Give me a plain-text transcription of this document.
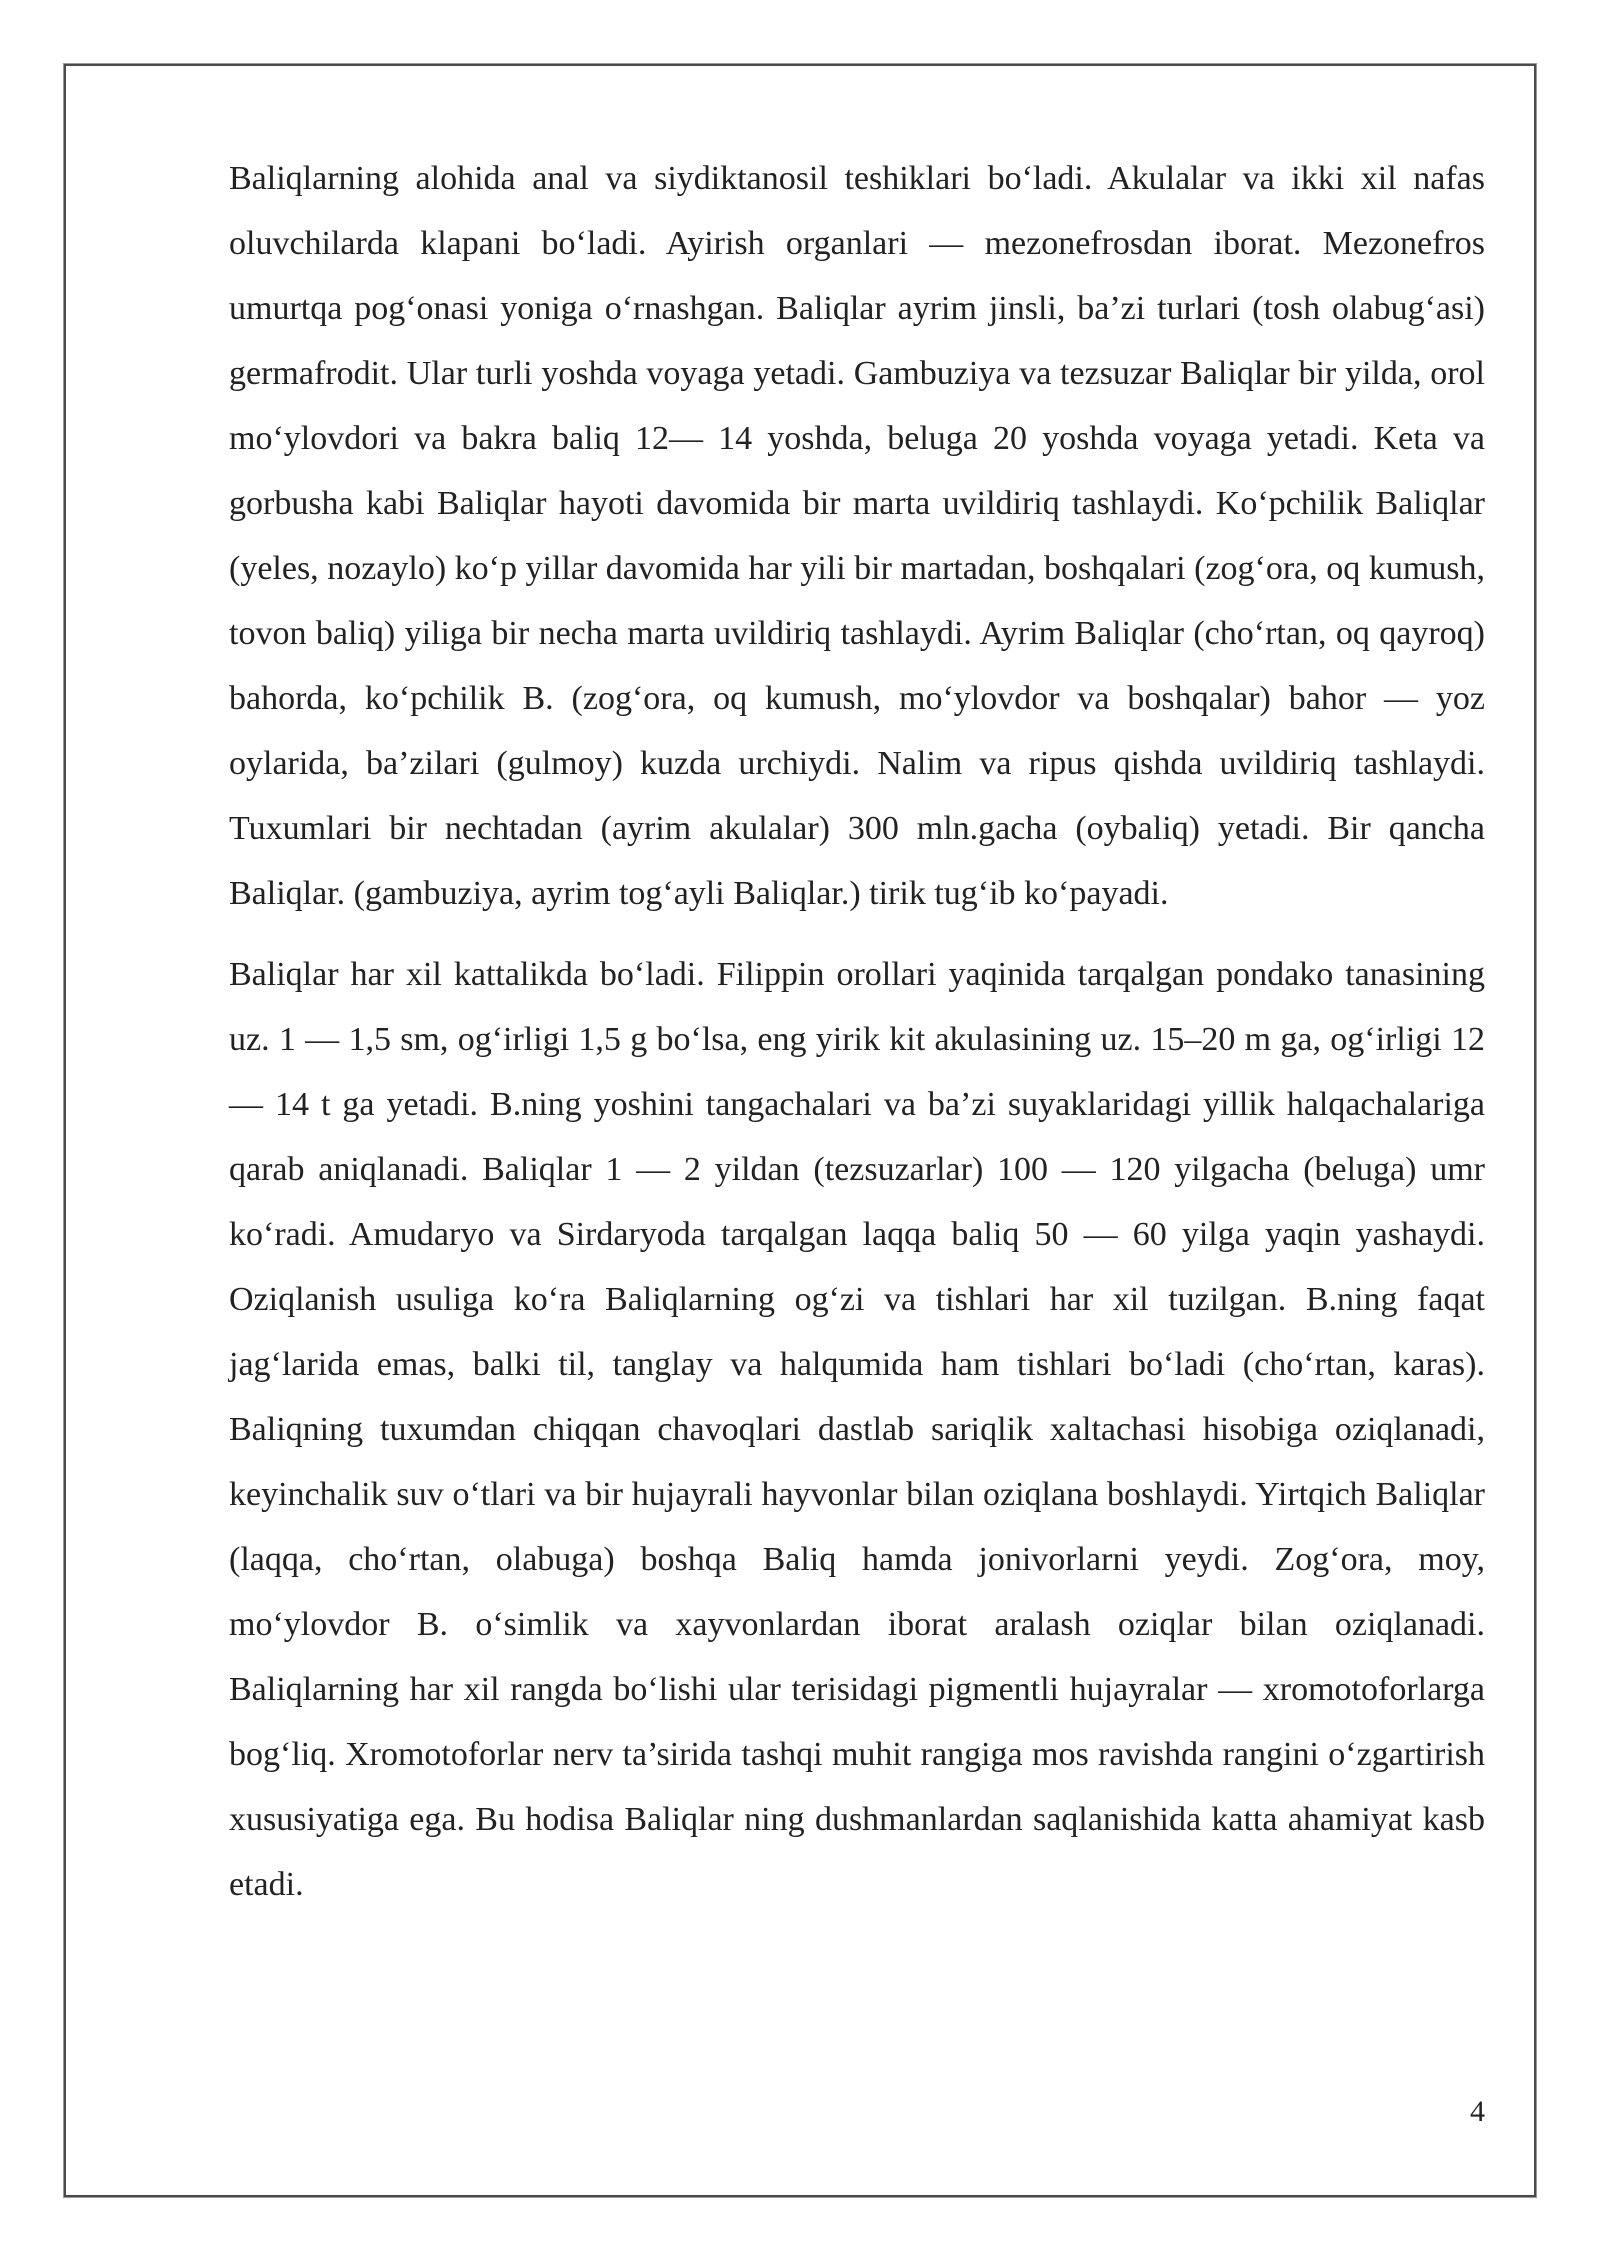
Baliqlarning alohida anal va siydiktanosil teshiklari bo‘ladi. Akulalar va ikki xil nafas oluvchilarda klapani bo‘ladi. Ayirish organlari — mezonefrosdan iborat. Mezonefros umurtqa pog‘onasi yoniga o‘rnashgan. Baliqlar ayrim jinsli, ba’zi turlari (tosh olabug‘asi) germafrodit. Ular turli yoshda voyaga yetadi. Gambuziya va tezsuzar Baliqlar bir yilda, orol mo‘ylovdori va bakra baliq 12— 14 yoshda, beluga 20 yoshda voyaga yetadi. Keta va gorbusha kabi Baliqlar hayoti davomida bir marta uvildiriq tashlaydi. Ko‘pchilik Baliqlar (yeles, nozaylo) ko‘p yillar davomida har yili bir martadan, boshqalari (zog‘ora, oq kumush, tovon baliq) yiliga bir necha marta uvildiriq tashlaydi. Ayrim Baliqlar (cho‘rtan, oq qayroq) bahorda, ko‘pchilik B. (zog‘ora, oq kumush, mo‘ylovdor va boshqalar) bahor — yoz oylarida, ba’zilari (gulmoy) kuzda urchiydi. Nalim va ripus qishda uvildiriq tashlaydi. Tuxumlari bir nechtadan (ayrim akulalar) 300 mln.gacha (oybaliq) yetadi. Bir qancha Baliqlar. (gambuziya, ayrim tog‘ayli Baliqlar.) tirik tug‘ib ko‘payadi.

Baliqlar har xil kattalikda bo‘ladi. Filippin orollari yaqinida tarqalgan pondako tanasining uz. 1 — 1,5 sm, og‘irligi 1,5 g bo‘lsa, eng yirik kit akulasining uz. 15–20 m ga, og‘irligi 12 — 14 t ga yetadi. B.ning yoshini tangachalari va ba’zi suyaklaridagi yillik halqachalariga qarab aniqlanadi. Baliqlar 1 — 2 yildan (tezsuzarlar) 100 — 120 yilgacha (beluga) umr ko‘radi. Amudaryo va Sirdaryoda tarqalgan laqqa baliq 50 — 60 yilga yaqin yashaydi. Oziqlanish usuliga ko‘ra Baliqlarning og‘zi va tishlari har xil tuzilgan. B.ning faqat jag‘larida emas, balki til, tanglay va halqumida ham tishlari bo‘ladi (cho‘rtan, karas). Baliqning tuxumdan chiqqan chavoqlari dastlab sariqlik xaltachasi hisobiga oziqlanadi, keyinchalik suv o‘tlari va bir hujayrali hayvonlar bilan oziqlana boshlaydi. Yirtqich Baliqlar (laqqa, cho‘rtan, olabuga) boshqa Baliq hamda jonivorlarni yeydi. Zog‘ora, moy, mo‘ylovdor B. o‘simlik va xayvonlardan iborat aralash oziqlar bilan oziqlanadi. Baliqlarning har xil rangda bo‘lishi ular terisidagi pigmentli hujayralar — xromotoforlarga bog‘liq. Xromotoforlar nerv ta’sirida tashqi muhit rangiga mos ravishda rangini o‘zgartirish xususiyatiga ega. Bu hodisa Baliqlar ning dushmanlardan saqlanishida katta ahamiyat kasb etadi.

4
